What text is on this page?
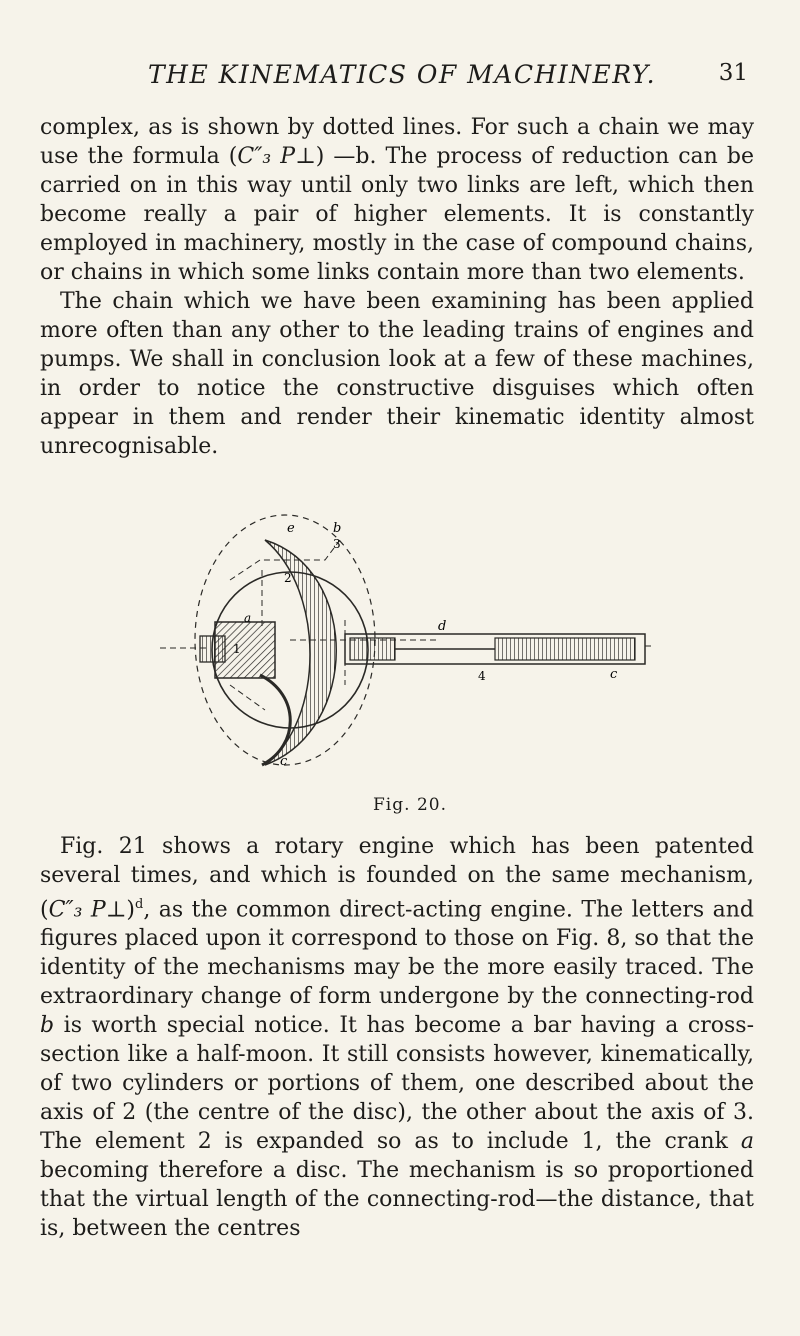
THE KINEMATICS OF MACHINERY.	31

complex, as is shown by dotted lines. For such a chain we may use the formula (C″₃ P⊥) —b. The process of reduction can be carried on in this way until only two links are left, which then become really a pair of higher elements. It is constantly employed in machinery, mostly in the case of compound chains, or chains in which some links contain more than two elements.

The chain which we have been examining has been applied more often than any other to the leading trains of engines and pumps. We shall in conclusion look at a few of these machines, in order to notice the constructive disguises which often appear in them and render their kinematic identity almost unrecognisable.

e	b
3
2
a
1
d
4	c
c
Fig. 20.

Fig. 21 shows a rotary engine which has been patented several times, and which is founded on the same mechanism, (C″₃ P⊥)$^d$, as the common direct-acting engine. The letters and figures placed upon it correspond to those on Fig. 8, so that the identity of the mechanisms may be the more easily traced. The extraordinary change of form undergone by the connecting-rod b is worth special notice. It has become a bar having a cross-section like a half-moon. It still consists however, kinematically, of two cylinders or portions of them, one described about the axis of 2 (the centre of the disc), the other about the axis of 3. The element 2 is expanded so as to include 1, the crank a becoming therefore a disc. The mechanism is so proportioned that the virtual length of the connecting-rod—the distance, that is, between the centres
